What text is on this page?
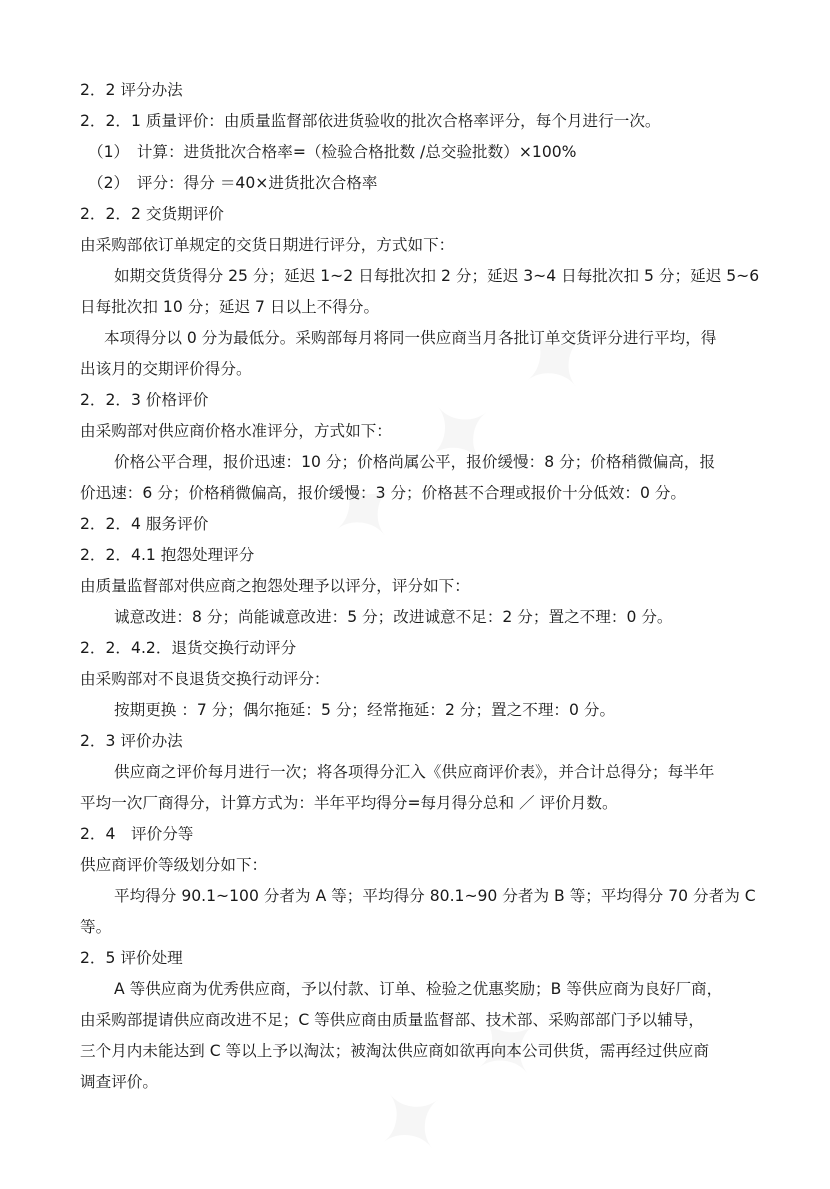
2．2 评分办法
2．2．1 质量评价：由质量监督部依进货验收的批次合格率评分，每个月进行一次。
（1）　计算：进货批次合格率=（检验合格批数 /总交验批数）×100%
（2）　评分：得分 ＝40×进货批次合格率
2．2．2 交货期评价
由采购部依订单规定的交货日期进行评分，方式如下：
如期交货货得分 25 分；延迟 1~2 日每批次扣 2 分；延迟 3~4 日每批次扣 5 分；延迟 5~6
日每批次扣 10 分；延迟 7 日以上不得分。
本项得分以 0 分为最低分。采购部每月将同一供应商当月各批订单交货评分进行平均，得
出该月的交期评价得分。
2．2．3 价格评价
由采购部对供应商价格水准评分，方式如下：
价格公平合理，报价迅速：10 分；价格尚属公平，报价缓慢：8 分；价格稍微偏高，报
价迅速：6 分；价格稍微偏高，报价缓慢：3 分；价格甚不合理或报价十分低效：0 分。
2．2．4 服务评价
2．2．4.1 抱怨处理评分
由质量监督部对供应商之抱怨处理予以评分，评分如下：
诚意改进：8 分；尚能诚意改进：5 分；改进诚意不足：2 分；置之不理：0 分。
2．2．4.2．退货交换行动评分
由采购部对不良退货交换行动评分：
按期更换 ：7 分；偶尔拖延：5 分；经常拖延：2 分；置之不理：0 分。
2．3 评价办法
供应商之评价每月进行一次；将各项得分汇入《供应商评价表》，并合计总得分；每半年
平均一次厂商得分，计算方式为：半年平均得分=每月得分总和 ／ 评价月数。
2．4　评价分等
供应商评价等级划分如下：
平均得分 90.1~100 分者为 A 等；平均得分 80.1~90 分者为 B 等；平均得分 70 分者为 C
等。
2．5 评价处理
A 等供应商为优秀供应商，予以付款、订单、检验之优惠奖励；B 等供应商为良好厂商，
由采购部提请供应商改进不足；C 等供应商由质量监督部、技术部、采购部部门予以辅导，
三个月内未能达到 C 等以上予以淘汰；被淘汰供应商如欲再向本公司供货，需再经过供应商
调查评价。
